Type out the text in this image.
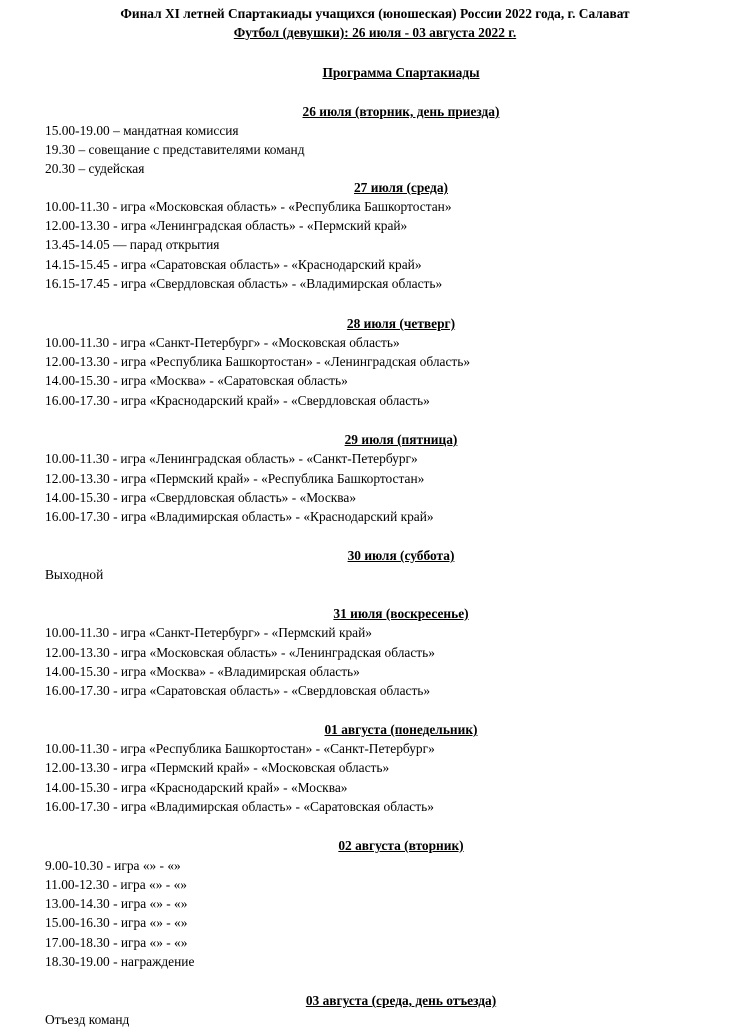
Финал XI летней Спартакиады учащихся (юношеская) России 2022 года, г. Салават
Футбол (девушки): 26 июля - 03 августа 2022 г.
Программа Спартакиады
26 июля (вторник, день приезда)
15.00-19.00 – мандатная комиссия
19.30 – совещание с представителями команд
20.30 – судейская
27 июля (среда)
10.00-11.30 - игра «Московская область» - «Республика Башкортостан»
12.00-13.30 - игра «Ленинградская область» - «Пермский край»
13.45-14.05 — парад открытия
14.15-15.45 - игра «Саратовская область» - «Краснодарский край»
16.15-17.45 - игра «Свердловская область» - «Владимирская область»
28 июля (четверг)
10.00-11.30 - игра «Санкт-Петербург» - «Московская область»
12.00-13.30 - игра «Республика Башкортостан» - «Ленинградская область»
14.00-15.30 - игра «Москва» - «Саратовская область»
16.00-17.30 - игра «Краснодарский край» - «Свердловская область»
29 июля (пятница)
10.00-11.30 - игра «Ленинградская область» - «Санкт-Петербург»
12.00-13.30 - игра «Пермский край» - «Республика Башкортостан»
14.00-15.30 - игра «Свердловская область» - «Москва»
16.00-17.30 - игра «Владимирская область» - «Краснодарский край»
30 июля (суббота)
Выходной
31 июля (воскресенье)
10.00-11.30 - игра «Санкт-Петербург» - «Пермский край»
12.00-13.30 - игра «Московская область» - «Ленинградская область»
14.00-15.30 - игра «Москва» - «Владимирская область»
16.00-17.30 - игра «Саратовская область» - «Свердловская область»
01 августа (понедельник)
10.00-11.30 - игра «Республика Башкортостан» - «Санкт-Петербург»
12.00-13.30 - игра «Пермский край» - «Московская область»
14.00-15.30 - игра «Краснодарский край» - «Москва»
16.00-17.30 - игра «Владимирская область» - «Саратовская область»
02 августа (вторник)
9.00-10.30 - игра «» - «»
11.00-12.30 - игра «» - «»
13.00-14.30 - игра «» - «»
15.00-16.30 - игра «» - «»
17.00-18.30 - игра «» - «»
18.30-19.00 - награждение
03 августа (среда, день отъезда)
Отъезд команд
